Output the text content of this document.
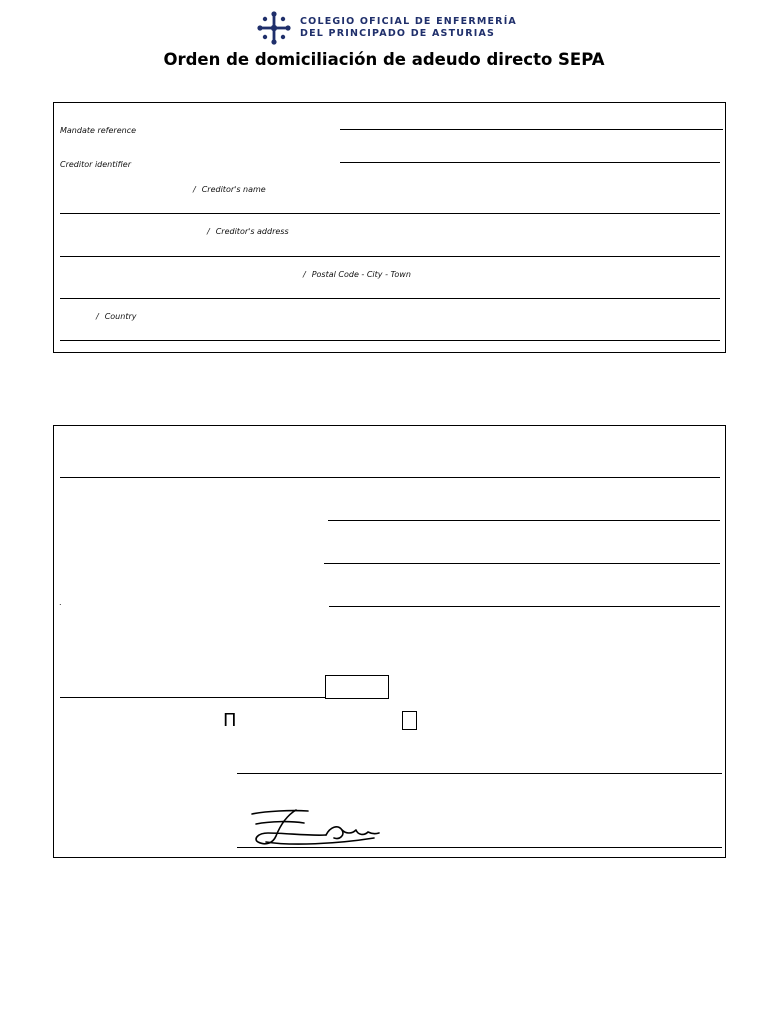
COLEGIO OFICIAL DE ENFERMERÍA
DEL PRINCIPADO DE ASTURIAS
Orden de domiciliación de adeudo directo SEPA
Mandate reference
Creditor identifier
/ Creditor's name
/ Creditor's address
/ Postal Code - City - Town
/ Country
.
Π
